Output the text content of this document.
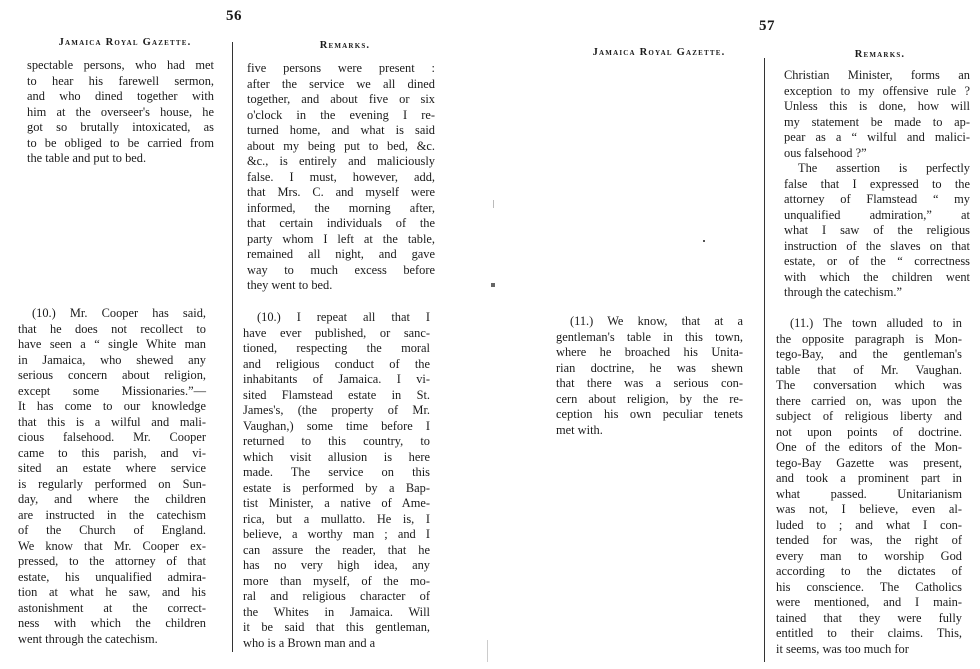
56
Jamaica Royal Gazette.	Remarks.
spectable persons, who had met
to hear his farewell sermon,
and who dined together with
him at the overseer's house, he
got so brutally intoxicated, as
to be obliged to be carried from
the table and put to bed.
(10.) Mr. Cooper has said,
that he does not recollect to
have seen a “ single White man
in Jamaica, who shewed any
serious concern about religion,
except some Missionaries.”—
It has come to our knowledge
that this is a wilful and mali-
cious falsehood. Mr. Cooper
came to this parish, and vi-
sited an estate where service
is regularly performed on Sun-
day, and where the children
are instructed in the catechism
of the Church of England.
We know that Mr. Cooper ex-
pressed, to the attorney of that
estate, his unqualified admira-
tion at what he saw, and his
astonishment at the correct-
ness with which the children
went through the catechism.
five persons were present :
after the service we all dined
together, and about five or six
o'clock in the evening I re-
turned home, and what is said
about my being put to bed, &c.
&c., is entirely and maliciously
false. I must, however, add,
that Mrs. C. and myself were
informed, the morning after,
that certain individuals of the
party whom I left at the table,
remained all night, and gave
way to much excess before
they went to bed.
(10.) I repeat all that I
have ever published, or sanc-
tioned, respecting the moral
and religious conduct of the
inhabitants of Jamaica. I vi-
sited Flamstead estate in St.
James's, (the property of Mr.
Vaughan,) some time before I
returned to this country, to
which visit allusion is here
made. The service on this
estate is performed by a Bap-
tist Minister, a native of Ame-
rica, but a mullatto. He is, I
believe, a worthy man ; and I
can assure the reader, that he
has no very high idea, any
more than myself, of the mo-
ral and religious character of
the Whites in Jamaica. Will
it be said that this gentleman,
who is a Brown man and a
57
Jamaica Royal Gazette.	Remarks.
(11.) We know, that at a
gentleman's table in this town,
where he broached his Unita-
rian doctrine, he was shewn
that there was a serious con-
cern about religion, by the re-
ception his own peculiar tenets
met with.
Christian Minister, forms an
exception to my offensive rule ?
Unless this is done, how will
my statement be made to ap-
pear as a “ wilful and malici-
ous falsehood ?”
The assertion is perfectly
false that I expressed to the
attorney of Flamstead “ my
unqualified admiration,” at
what I saw of the religious
instruction of the slaves on that
estate, or of the “ correctness
with which the children went
through the catechism.”
(11.) The town alluded to in
the opposite paragraph is Mon-
tego-Bay, and the gentleman's
table that of Mr. Vaughan.
The conversation which was
there carried on, was upon the
subject of religious liberty and
not upon points of doctrine.
One of the editors of the Mon-
tego-Bay Gazette was present,
and took a prominent part in
what passed. Unitarianism
was not, I believe, even al-
luded to ; and what I con-
tended for was, the right of
every man to worship God
according to the dictates of
his conscience. The Catholics
were mentioned, and I main-
tained that they were fully
entitled to their claims. This,
it seems, was too much for
